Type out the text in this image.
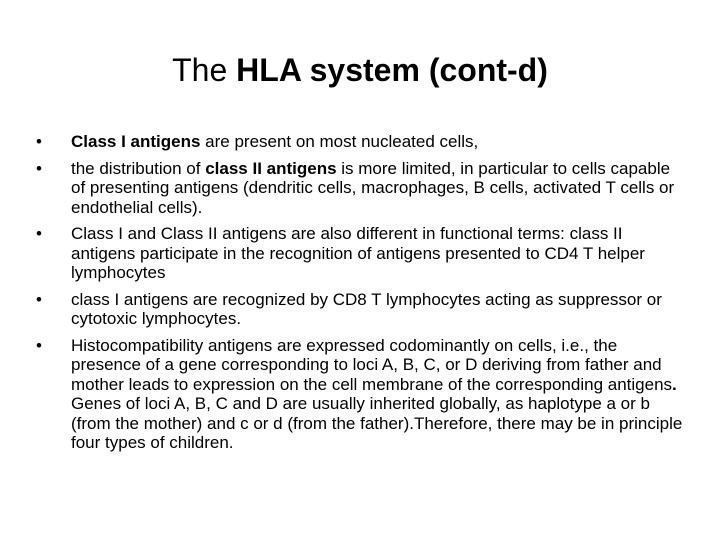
The HLA system (cont-d)
•	Class I antigens are present on most nucleated cells,
•	the distribution of class II antigens is more limited, in particular to cells capable of presenting antigens (dendritic cells, macrophages, B cells, activated T cells or endothelial cells).
•	Class I and Class II antigens are also different in functional terms: class II antigens participate in the recognition of antigens presented to CD4 T helper lymphocytes
•	class I antigens are recognized by CD8 T lymphocytes acting as suppressor or cytotoxic lymphocytes.
•	Histocompatibility antigens are expressed codominantly on cells, i.e., the presence of a gene corresponding to loci A, B, C, or D deriving from father and mother leads to expression on the cell membrane of the corresponding antigens. Genes of loci A, B, C and D are usually inherited globally, as haplotype a or b (from the mother) and c or d (from the father).Therefore, there may be in principle four types of children.
